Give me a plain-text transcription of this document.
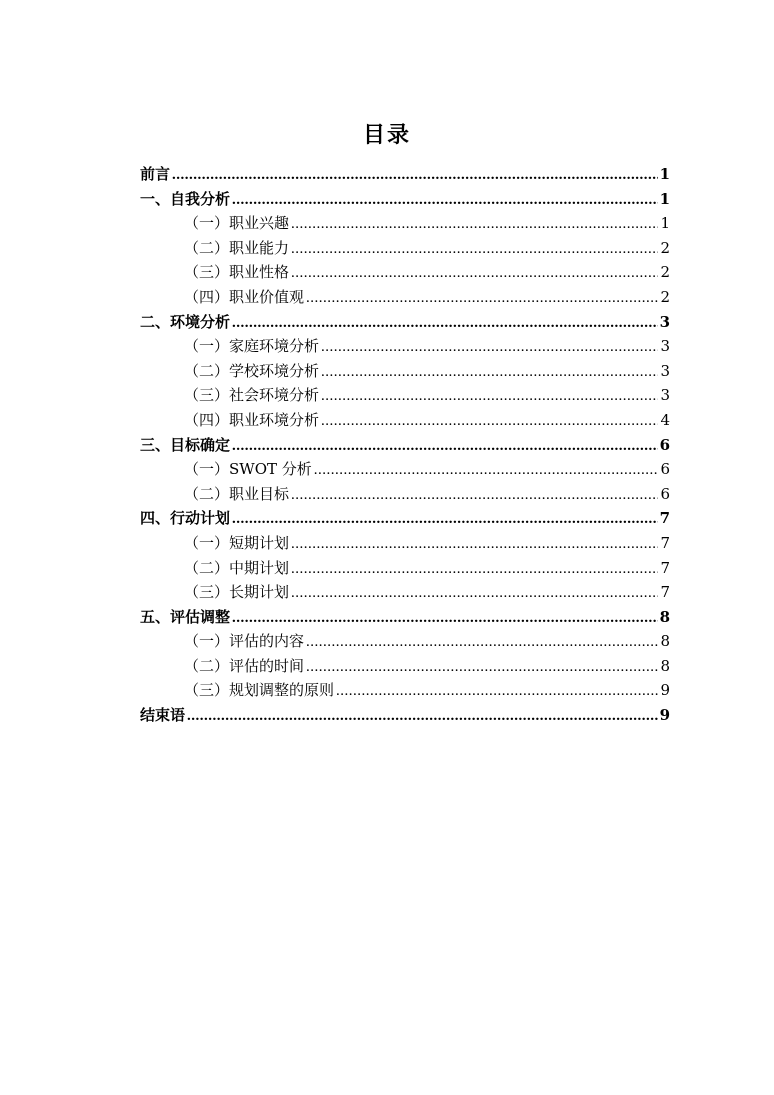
目录
前言 .....	1
一、自我分析 .....	1
（一）职业兴趣 .....	1
（二）职业能力 .....	2
（三）职业性格 .....	2
（四）职业价值观 .....	2
二、环境分析 .....	3
（一）家庭环境分析 .....	3
（二）学校环境分析 .....	3
（三）社会环境分析 .....	3
（四）职业环境分析 .....	4
三、目标确定 .....	6
（一）SWOT 分析 .....	6
（二）职业目标 .....	6
四、行动计划 .....	7
（一）短期计划 .....	7
（二）中期计划 .....	7
（三）长期计划 .....	7
五、评估调整 .....	8
（一）评估的内容 .....	8
（二）评估的时间 .....	8
（三）规划调整的原则 .....	9
结束语 .....	9
